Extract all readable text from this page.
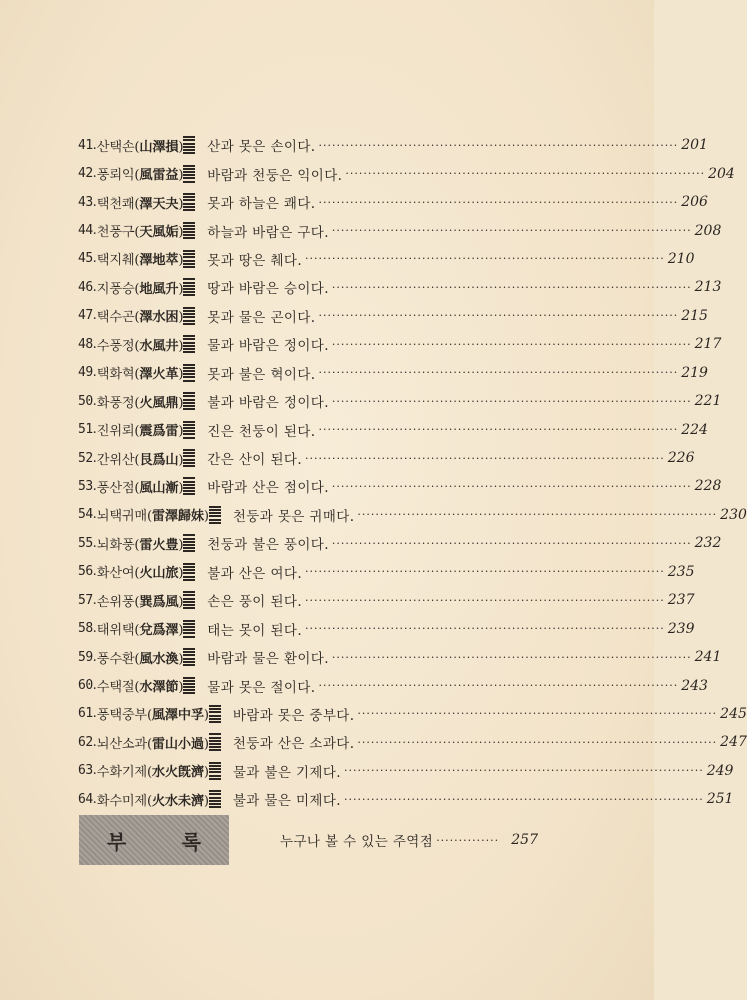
41 . 산택손(山澤損) 산과 못은 손이다. ················································································ 201
42 . 풍뢰익(風雷益) 바람과 천둥은 익이다. ················································································ 204
43 . 택천쾌(澤天夬) 못과 하늘은 쾌다. ················································································ 206
44 . 천풍구(天風姤) 하늘과 바람은 구다. ················································································ 208
45 . 택지췌(澤地萃) 못과 땅은 췌다. ················································································ 210
46 . 지풍승(地風升) 땅과 바람은 승이다. ················································································ 213
47 . 택수곤(澤水困) 못과 물은 곤이다. ················································································ 215
48 . 수풍정(水風井) 물과 바람은 정이다. ················································································ 217
49 . 택화혁(澤火革) 못과 불은 혁이다. ················································································ 219
50 . 화풍정(火風鼎) 불과 바람은 정이다. ················································································ 221
51 . 진위뢰(震爲雷) 진은 천둥이 된다. ················································································ 224
52 . 간위산(艮爲山) 간은 산이 된다. ················································································ 226
53 . 풍산점(風山漸) 바람과 산은 점이다. ················································································ 228
54 . 뇌택귀매(雷澤歸妹) 천둥과 못은 귀매다. ················································································ 230
55 . 뇌화풍(雷火豊) 천둥과 불은 풍이다. ················································································ 232
56 . 화산여(火山旅) 불과 산은 여다. ················································································ 235
57 . 손위풍(巽爲風) 손은 풍이 된다. ················································································ 237
58 . 태위택(兌爲澤) 태는 못이 된다. ················································································ 239
59 . 풍수환(風水渙) 바람과 물은 환이다. ················································································ 241
60 . 수택절(水澤節) 물과 못은 절이다. ················································································ 243
61 . 풍택중부(風澤中孚) 바람과 못은 중부다. ················································································ 245
62 . 뇌산소과(雷山小過) 천둥과 산은 소과다. ················································································ 247
63 . 수화기제(水火旣濟) 물과 불은 기제다. ················································································ 249
64 . 화수미제(火水未濟) 불과 물은 미제다. ················································································ 251
부	록	누구나 볼 수 있는 주역점 ·············· 257
